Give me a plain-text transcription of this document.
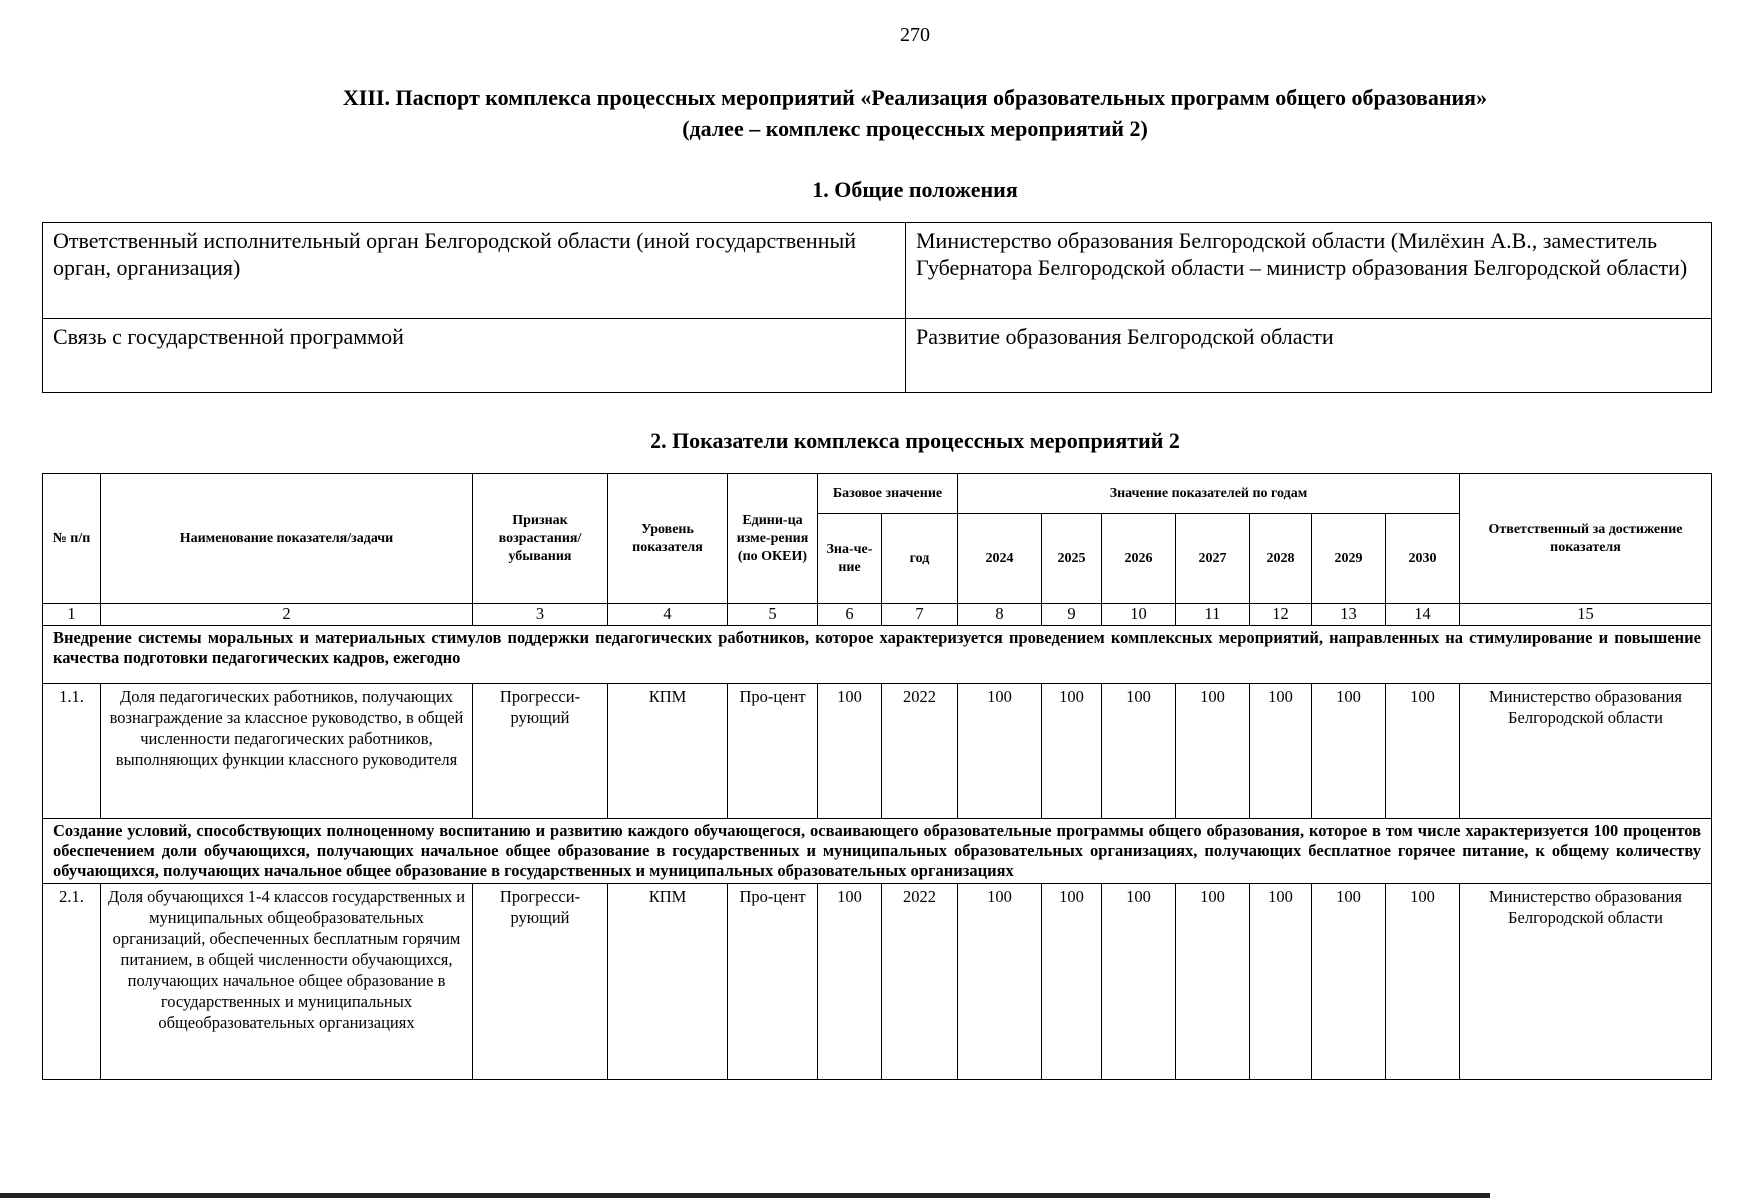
270
XIII. Паспорт комплекса процессных мероприятий «Реализация образовательных программ общего образования»
(далее – комплекс процессных мероприятий 2)
1. Общие положения
Ответственный исполнительный орган Белгородской области (иной государственный орган, организация)	Министерство образования Белгородской области (Милёхин А.В., заместитель Губернатора Белгородской области – министр образования Белгородской области)
Связь с государственной программой	Развитие образования Белгородской области
2. Показатели комплекса процессных мероприятий 2
№ п/п	Наименование показателя/задачи	Признак возрастания/ убывания	Уровень показателя	Едини-ца изме-рения (по ОКЕИ)	Базовое значение		Значение показателей по годам							Ответственный за достижение показателя
					Зна-че-ние	год	2024	2025	2026	2027	2028	2029	2030	
1	2	3	4	5	6	7	8	9	10	11	12	13	14	15
Внедрение системы моральных и материальных стимулов поддержки педагогических работников, которое характеризуется проведением комплексных мероприятий, направленных на стимулирование и повышение качества подготовки педагогических кадров, ежегодно														
1.1.	Доля педагогических работников, получающих вознаграждение за классное руководство, в общей численности педагогических работников, выполняющих функции классного руководителя	Прогресси-рующий	КПМ	Про-цент	100	2022	100	100	100	100	100	100	100	Министерство образования Белгородской области
Создание условий, способствующих полноценному воспитанию и развитию каждого обучающегося, осваивающего образовательные программы общего образования, которое в том числе характеризуется 100 процентов обеспечением доли обучающихся, получающих начальное общее образование в государственных и муниципальных образовательных организациях, получающих бесплатное горячее питание, к общему количеству обучающихся, получающих начальное общее образование в государственных и муниципальных образовательных организациях														
2.1.	Доля обучающихся 1-4 классов государственных и муниципальных общеобразовательных организаций, обеспеченных бесплатным горячим питанием, в общей численности обучающихся, получающих начальное общее образование в государственных и муниципальных общеобразовательных организациях	Прогресси-рующий	КПМ	Про-цент	100	2022	100	100	100	100	100	100	100	Министерство образования Белгородской области
